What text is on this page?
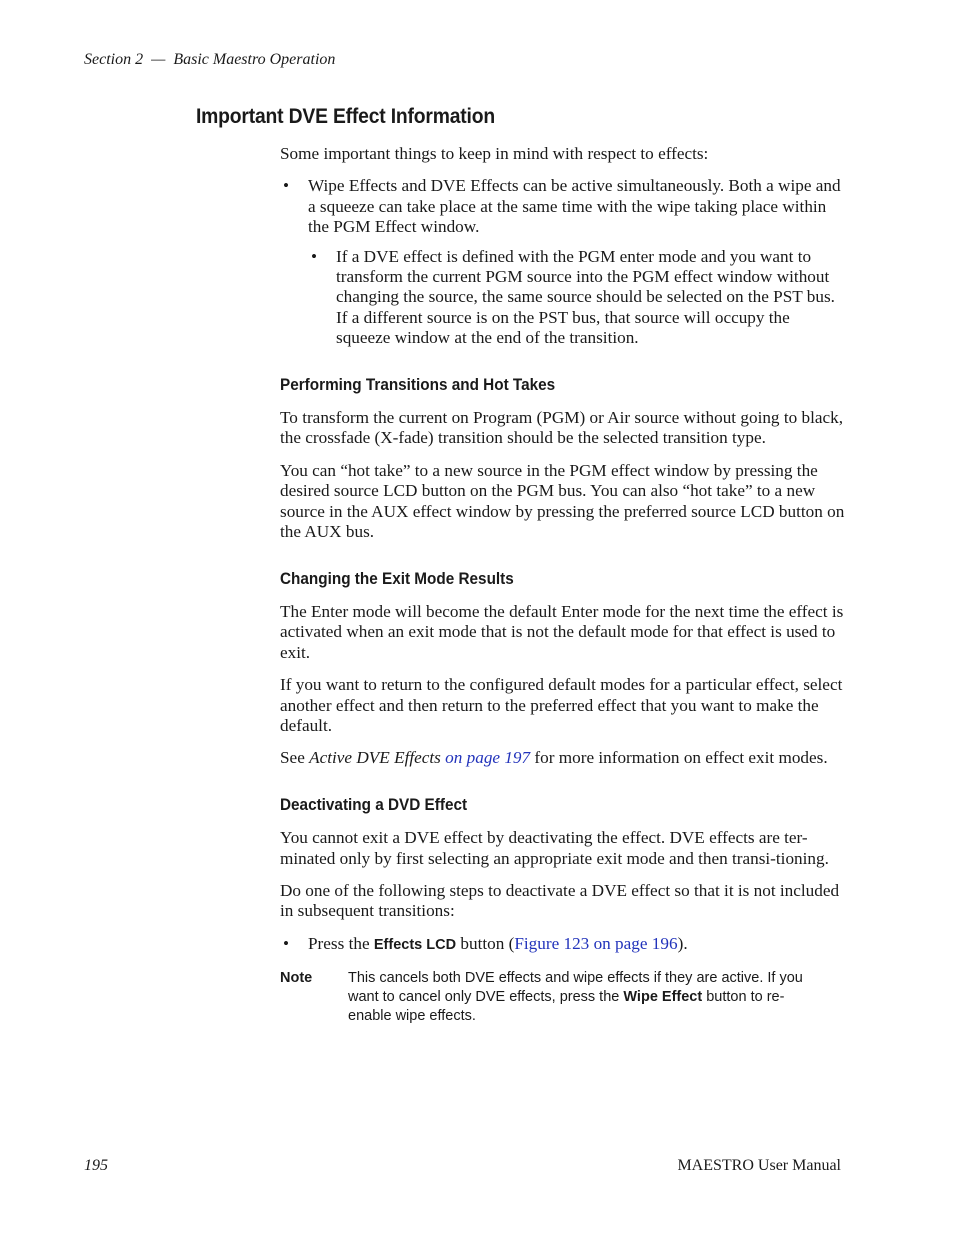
Section 2 — Basic Maestro Operation
Important DVE Effect Information

Some important things to keep in mind with respect to effects:

• Wipe Effects and DVE Effects can be active simultaneously. Both a wipe and a squeeze can take place at the same time with the wipe taking place within the PGM Effect window.
• If a DVE effect is defined with the PGM enter mode and you want to transform the current PGM source into the PGM effect window without changing the source, the same source should be selected on the PST bus. If a different source is on the PST bus, that source will occupy the squeeze window at the end of the transition.
Performing Transitions and Hot Takes

To transform the current on Program (PGM) or Air source without going to black, the crossfade (X-fade) transition should be the selected transition type.

You can “hot take” to a new source in the PGM effect window by pressing the desired source LCD button on the PGM bus. You can also “hot take” to a new source in the AUX effect window by pressing the preferred source LCD button on the AUX bus.

Changing the Exit Mode Results

The Enter mode will become the default Enter mode for the next time the effect is activated when an exit mode that is not the default mode for that effect is used to exit.

If you want to return to the configured default modes for a particular effect, select another effect and then return to the preferred effect that you want to make the default.

See Active DVE Effects on page 197 for more information on effect exit modes.

Deactivating a DVD Effect

You cannot exit a DVE effect by deactivating the effect. DVE effects are ter-minated only by first selecting an appropriate exit mode and then transi-tioning.

Do one of the following steps to deactivate a DVE effect so that it is not included in subsequent transitions:

• Press the Effects LCD button (Figure 123 on page 196).
Note This cancels both DVE effects and wipe effects if they are active. If you want to cancel only DVE effects, press the Wipe Effect button to re-enable wipe effects.
195	MAESTRO User Manual
